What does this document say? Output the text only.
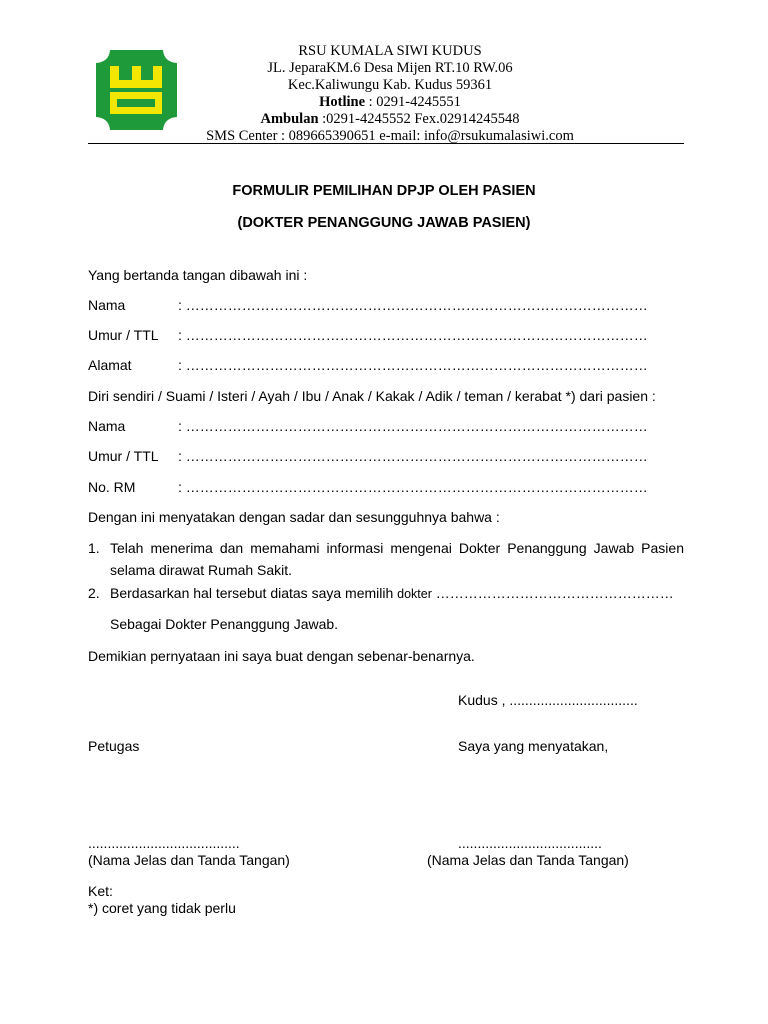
RSU KUMALA SIWI KUDUS
JL. JeparaKM.6 Desa Mijen RT.10 RW.06
Kec.Kaliwungu Kab. Kudus 59361
Hotline : 0291-4245551
Ambulan :0291-4245552 Fex.02914245548
SMS Center : 089665390651 e-mail: info@rsukumalasiwi.com
FORMULIR PEMILIHAN DPJP OLEH PASIEN
(DOKTER PENANGGUNG JAWAB PASIEN)
Yang bertanda tangan dibawah ini :
Nama	: ………………………………………………………………………………………
Umur / TTL : ………………………………………………………………………………………
Alamat	: ………………………………………………………………………………………
Diri sendiri / Suami / Isteri / Ayah / Ibu / Anak / Kakak / Adik / teman / kerabat *) dari pasien :
Nama	: ………………………………………………………………………………………
Umur / TTL : ………………………………………………………………………………………
No. RM	: ………………………………………………………………………………………
Dengan ini menyatakan dengan sadar dan sesungguhnya bahwa :
1. Telah menerima dan memahami informasi mengenai Dokter Penanggung Jawab Pasien
selama dirawat Rumah Sakit.
2. Berdasarkan hal tersebut diatas saya memilih dokter ……………………………………………
Sebagai Dokter Penanggung Jawab.
Demikian pernyataan ini saya buat dengan sebenar-benarnya.
Kudus , .................................
Petugas	Saya yang menyatakan,
.......................................	.....................................
(Nama Jelas dan Tanda Tangan)	(Nama Jelas dan Tanda Tangan)
Ket:
*) coret yang tidak perlu
